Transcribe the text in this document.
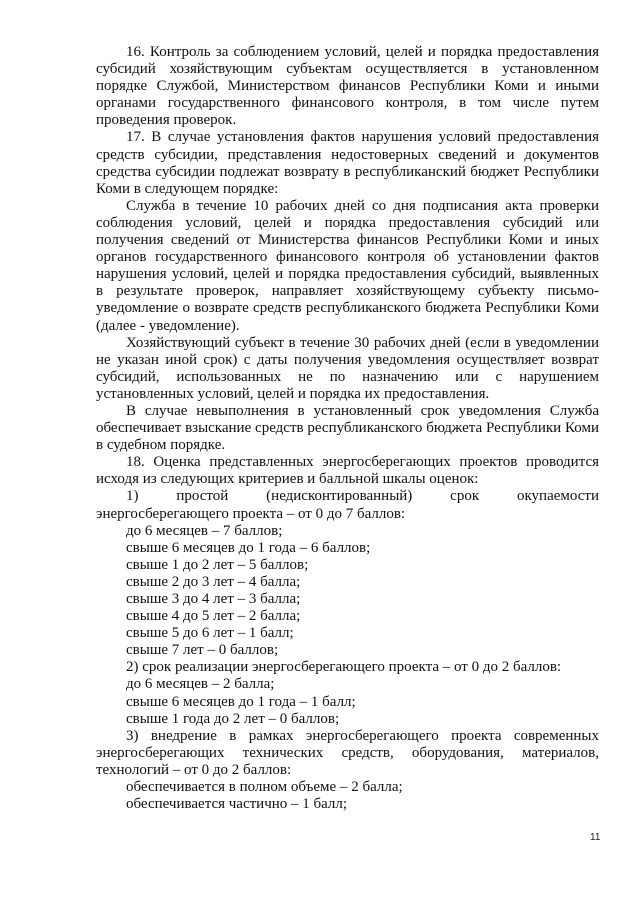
16. Контроль за соблюдением условий, целей и порядка предоставления субсидий хозяйствующим субъектам осуществляется в установленном порядке Службой, Министерством финансов Республики Коми и иными органами государственного финансового контроля, в том числе путем проведения проверок.

17. В случае установления фактов нарушения условий предоставления средств субсидии, представления недостоверных сведений и документов средства субсидии подлежат возврату в республиканский бюджет Республики Коми в следующем порядке:

Служба в течение 10 рабочих дней со дня подписания акта проверки соблюдения условий, целей и порядка предоставления субсидий или получения сведений от Министерства финансов Республики Коми и иных органов государственного финансового контроля об установлении фактов нарушения условий, целей и порядка предоставления субсидий, выявленных в результате проверок, направляет хозяйствующему субъекту письмо-уведомление о возврате средств республиканского бюджета Республики Коми (далее - уведомление).

Хозяйствующий субъект в течение 30 рабочих дней (если в уведомлении не указан иной срок) с даты получения уведомления осуществляет возврат субсидий, использованных не по назначению или с нарушением установленных условий, целей и порядка их предоставления.

В случае невыполнения в установленный срок уведомления Служба обеспечивает взыскание средств республиканского бюджета Республики Коми в судебном порядке.

18. Оценка представленных энергосберегающих проектов проводится исходя из следующих критериев и балльной шкалы оценок:

1) простой (недисконтированный) срок окупаемости энергосберегающего проекта – от 0 до 7 баллов:

до 6 месяцев – 7 баллов;

свыше 6 месяцев до 1 года – 6 баллов;

свыше 1 до 2 лет – 5 баллов;

свыше 2 до 3 лет – 4 балла;

свыше 3 до 4 лет – 3 балла;

свыше 4 до 5 лет – 2 балла;

свыше 5 до 6 лет – 1 балл;

свыше 7 лет – 0 баллов;

2) срок реализации энергосберегающего проекта – от 0 до 2 баллов:

до 6 месяцев – 2 балла;

свыше 6 месяцев до 1 года – 1 балл;

свыше 1 года до 2 лет – 0 баллов;

3) внедрение в рамках энергосберегающего проекта современных энергосберегающих технических средств, оборудования, материалов, технологий – от 0 до 2 баллов:

обеспечивается в полном объеме – 2 балла;

обеспечивается частично – 1 балл;

11
